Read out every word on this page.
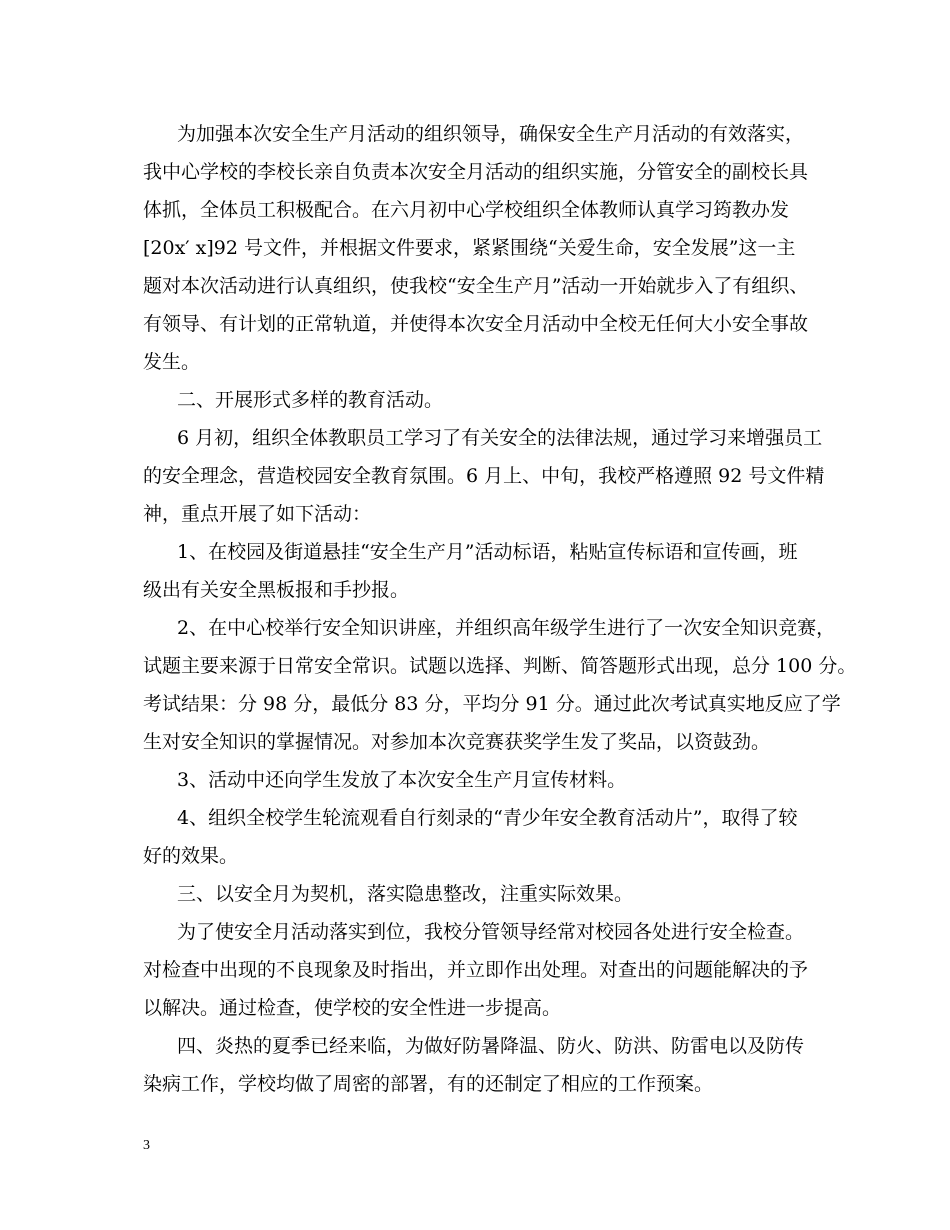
为加强本次安全生产月活动的组织领导，确保安全生产月活动的有效落实，
我中心学校的李校长亲自负责本次安全月活动的组织实施，分管安全的副校长具
体抓，全体员工积极配合。在六月初中心学校组织全体教师认真学习筠教办发
[20x′ x]92 号文件，并根据文件要求，紧紧围绕“关爱生命，安全发展”这一主
题对本次活动进行认真组织，使我校“安全生产月”活动一开始就步入了有组织、
有领导、有计划的正常轨道，并使得本次安全月活动中全校无任何大小安全事故
发生。
二、开展形式多样的教育活动。
6 月初，组织全体教职员工学习了有关安全的法律法规，通过学习来增强员工
的安全理念，营造校园安全教育氛围。6 月上、中旬，我校严格遵照 92 号文件精
神，重点开展了如下活动：
1、在校园及街道悬挂“安全生产月”活动标语，粘贴宣传标语和宣传画，班
级出有关安全黑板报和手抄报。
2、在中心校举行安全知识讲座，并组织高年级学生进行了一次安全知识竞赛，
试题主要来源于日常安全常识。试题以选择、判断、简答题形式出现，总分 100 分。
考试结果：分 98 分，最低分 83 分，平均分 91 分。通过此次考试真实地反应了学
生对安全知识的掌握情况。对参加本次竞赛获奖学生发了奖品，以资鼓劲。
3、活动中还向学生发放了本次安全生产月宣传材料。
4、组织全校学生轮流观看自行刻录的“青少年安全教育活动片”，取得了较
好的效果。
三、以安全月为契机，落实隐患整改，注重实际效果。
为了使安全月活动落实到位，我校分管领导经常对校园各处进行安全检查。
对检查中出现的不良现象及时指出，并立即作出处理。对查出的问题能解决的予
以解决。通过检查，使学校的安全性进一步提高。
四、炎热的夏季已经来临，为做好防暑降温、防火、防洪、防雷电以及防传
染病工作，学校均做了周密的部署，有的还制定了相应的工作预案。
3
